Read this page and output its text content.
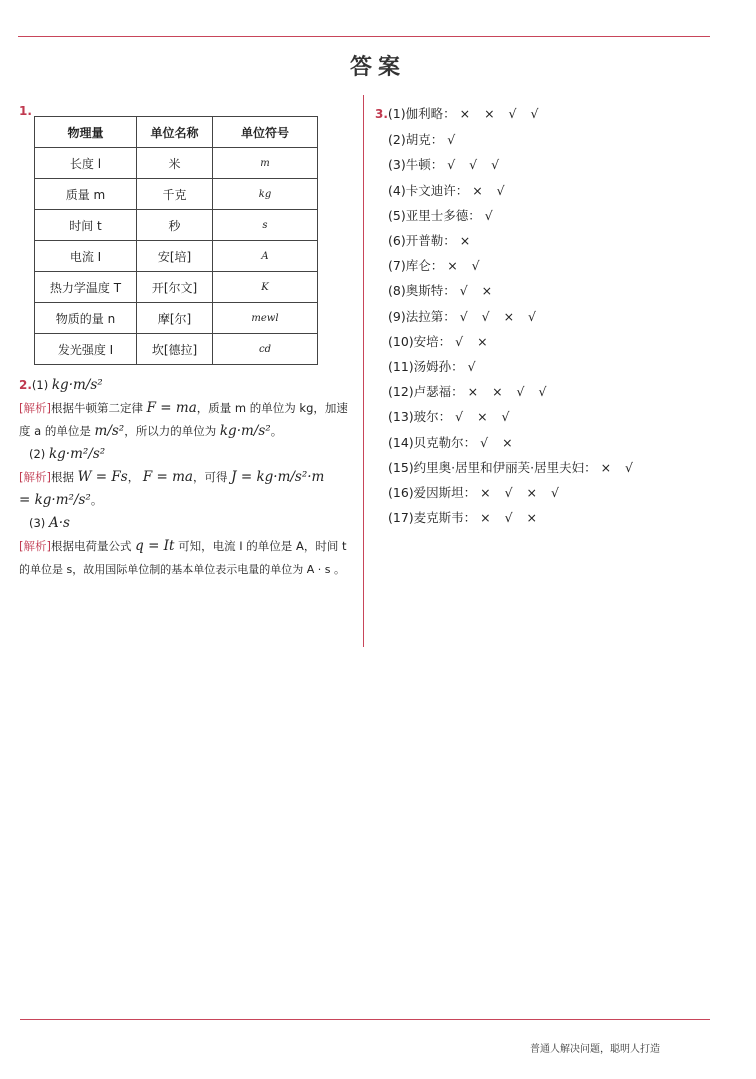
答案
1.
物理量	单位名称	单位符号
长度 l	米	m
质量 m	千克	kg
时间 t	秒	s
电流 I	安[培]	A
热力学温度 T	开[尔文]	K
物质的量 n	摩[尔]	mewl
发光强度 I	坎[德拉]	cd
2.(1) kg·m/s²
[解析]根据牛顿第二定律 F = ma，质量 m 的单位为 kg，加速
度 a 的单位是 m/s²，所以力的单位为 kg·m/s²。
(2) kg·m²/s²
[解析]根据 W = Fs， F = ma，可得 J = kg·m/s²·m
= kg·m²/s²。
(3) A·s
[解析]根据电荷量公式 q = It 可知，电流 I 的单位是 A，时间 t
的单位是 s，故用国际单位制的基本单位表示电量的单位为 A · s 。
3.(1)伽利略： × × √ √
(2)胡克： √
(3)牛顿： √ √ √
(4)卡文迪许： × √
(5)亚里士多德： √
(6)开普勒： ×
(7)库仑： × √
(8)奥斯特： √ ×
(9)法拉第： √ √ × √
(10)安培： √ ×
(11)汤姆孙： √
(12)卢瑟福： × × √ √
(13)玻尔： √ × √
(14)贝克勒尔： √ ×
(15)约里奥·居里和伊丽芙·居里夫妇： × √
(16)爱因斯坦： × √ × √
(17)麦克斯韦： × √ ×
普通人解决问题，聪明人打造
